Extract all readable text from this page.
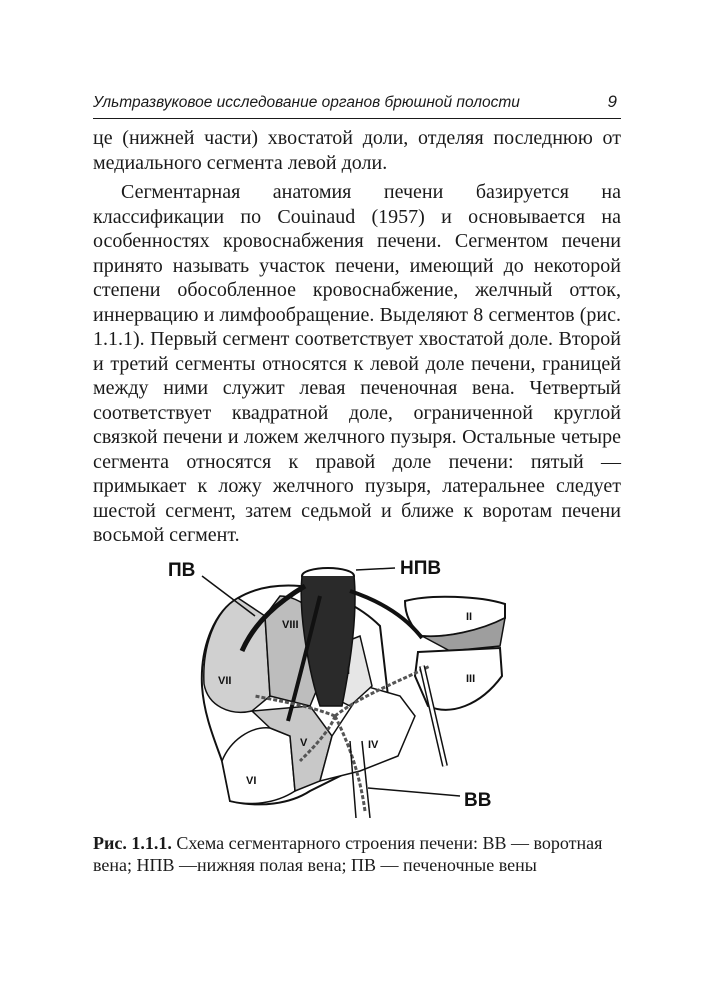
Ультразвуковое исследование органов брюшной полости	9

це (нижней части) хвостатой доли, отделяя последнюю от медиального сегмента левой доли.

Сегментарная анатомия печени базируется на классификации по Couinaud (1957) и основывается на особенностях кровоснабжения печени. Сегментом печени принято называть участок печени, имеющий до некоторой степени обособленное кровоснабжение, желчный отток, иннервацию и лимфообращение. Выделяют 8 сегментов (рис. 1.1.1). Первый сегмент соответствует хвостатой доле. Второй и третий сегменты относятся к левой доле печени, границей между ними служит левая печеночная вена. Четвертый соответствует квадратной доле, ограниченной круглой связкой печени и ложем желчного пузыря. Остальные четыре сегмента относятся к правой доле печени: пятый — примыкает к ложу желчного пузыря, латеральнее следует шестой сегмент, затем седьмой и ближе к воротам печени восьмой сегмент.

ПВ	НПВ
ВВ
I
II
III
IV
V
VI
VII
VIII
Рис. 1.1.1. Схема сегментарного строения печени: ВВ — воротная вена; НПВ —нижняя полая вена; ПВ — печеночные вены
